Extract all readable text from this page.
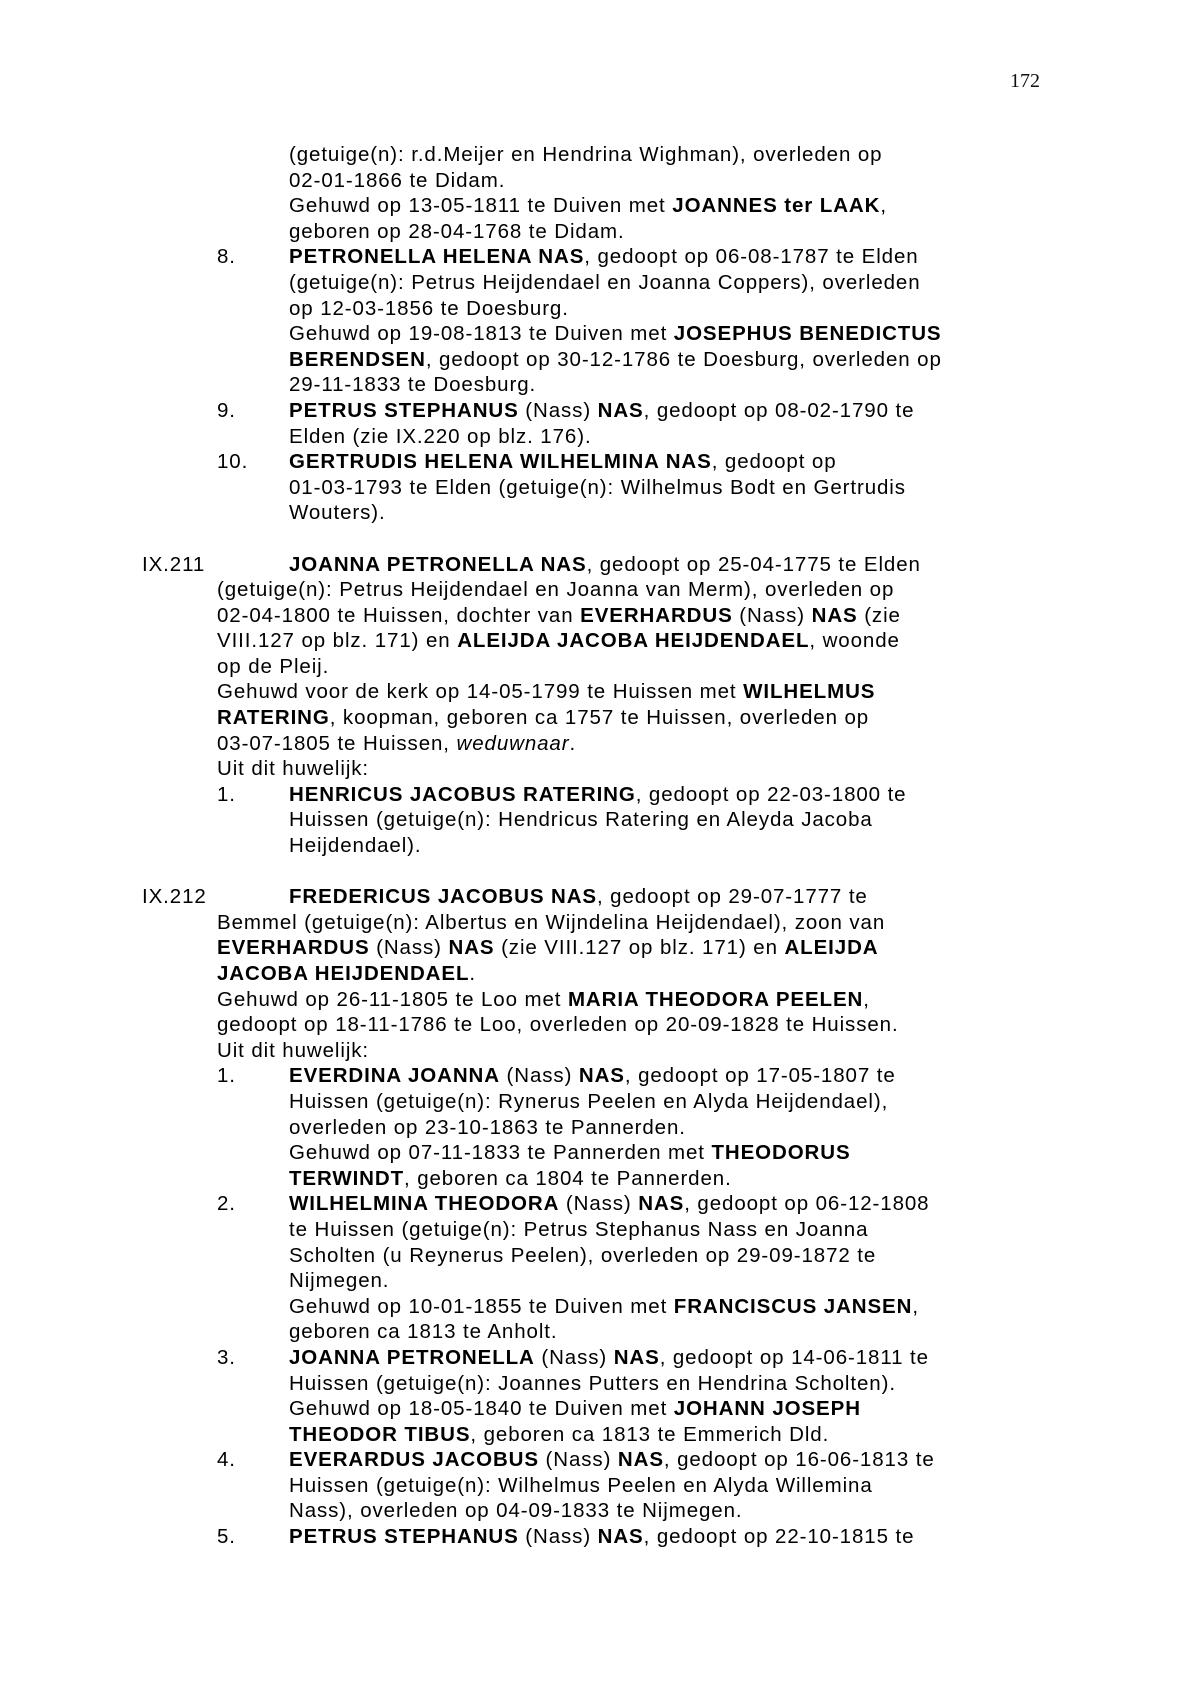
172
(getuige(n): r.d.Meijer en Hendrina Wighman), overleden op
02-01-1866 te Didam.
Gehuwd op 13-05-1811 te Duiven met JOANNES ter LAAK,
geboren op 28-04-1768 te Didam.
8.	PETRONELLA HELENA NAS, gedoopt op 06-08-1787 te Elden
(getuige(n): Petrus Heijdendael en Joanna Coppers), overleden
op 12-03-1856 te Doesburg.
Gehuwd op 19-08-1813 te Duiven met JOSEPHUS BENEDICTUS
BERENDSEN, gedoopt op 30-12-1786 te Doesburg, overleden op
29-11-1833 te Doesburg.
9.	PETRUS STEPHANUS (Nass) NAS, gedoopt op 08-02-1790 te
Elden (zie IX.220 op blz. 176).
10. GERTRUDIS HELENA WILHELMINA NAS, gedoopt op
01-03-1793 te Elden (getuige(n): Wilhelmus Bodt en Gertrudis
Wouters).
IX.211	JOANNA PETRONELLA NAS, gedoopt op 25-04-1775 te Elden
(getuige(n): Petrus Heijdendael en Joanna van Merm), overleden op
02-04-1800 te Huissen, dochter van EVERHARDUS (Nass) NAS (zie
VIII.127 op blz. 171) en ALEIJDA JACOBA HEIJDENDAEL, woonde
op de Pleij.
Gehuwd voor de kerk op 14-05-1799 te Huissen met WILHELMUS
RATERING, koopman, geboren ca 1757 te Huissen, overleden op
03-07-1805 te Huissen, weduwnaar.
Uit dit huwelijk:
1.	HENRICUS JACOBUS RATERING, gedoopt op 22-03-1800 te
Huissen (getuige(n): Hendricus Ratering en Aleyda Jacoba
Heijdendael).
IX.212	FREDERICUS JACOBUS NAS, gedoopt op 29-07-1777 te
Bemmel (getuige(n): Albertus en Wijndelina Heijdendael), zoon van
EVERHARDUS (Nass) NAS (zie VIII.127 op blz. 171) en ALEIJDA
JACOBA HEIJDENDAEL.
Gehuwd op 26-11-1805 te Loo met MARIA THEODORA PEELEN,
gedoopt op 18-11-1786 te Loo, overleden op 20-09-1828 te Huissen.
Uit dit huwelijk:
1.	EVERDINA JOANNA (Nass) NAS, gedoopt op 17-05-1807 te
Huissen (getuige(n): Rynerus Peelen en Alyda Heijdendael),
overleden op 23-10-1863 te Pannerden.
Gehuwd op 07-11-1833 te Pannerden met THEODORUS
TERWINDT, geboren ca 1804 te Pannerden.
2.	WILHELMINA THEODORA (Nass) NAS, gedoopt op 06-12-1808
te Huissen (getuige(n): Petrus Stephanus Nass en Joanna
Scholten (u Reynerus Peelen), overleden op 29-09-1872 te
Nijmegen.
Gehuwd op 10-01-1855 te Duiven met FRANCISCUS JANSEN,
geboren ca 1813 te Anholt.
3.	JOANNA PETRONELLA (Nass) NAS, gedoopt op 14-06-1811 te
Huissen (getuige(n): Joannes Putters en Hendrina Scholten).
Gehuwd op 18-05-1840 te Duiven met JOHANN JOSEPH
THEODOR TIBUS, geboren ca 1813 te Emmerich Dld.
4.	EVERARDUS JACOBUS (Nass) NAS, gedoopt op 16-06-1813 te
Huissen (getuige(n): Wilhelmus Peelen en Alyda Willemina
Nass), overleden op 04-09-1833 te Nijmegen.
5.	PETRUS STEPHANUS (Nass) NAS, gedoopt op 22-10-1815 te
